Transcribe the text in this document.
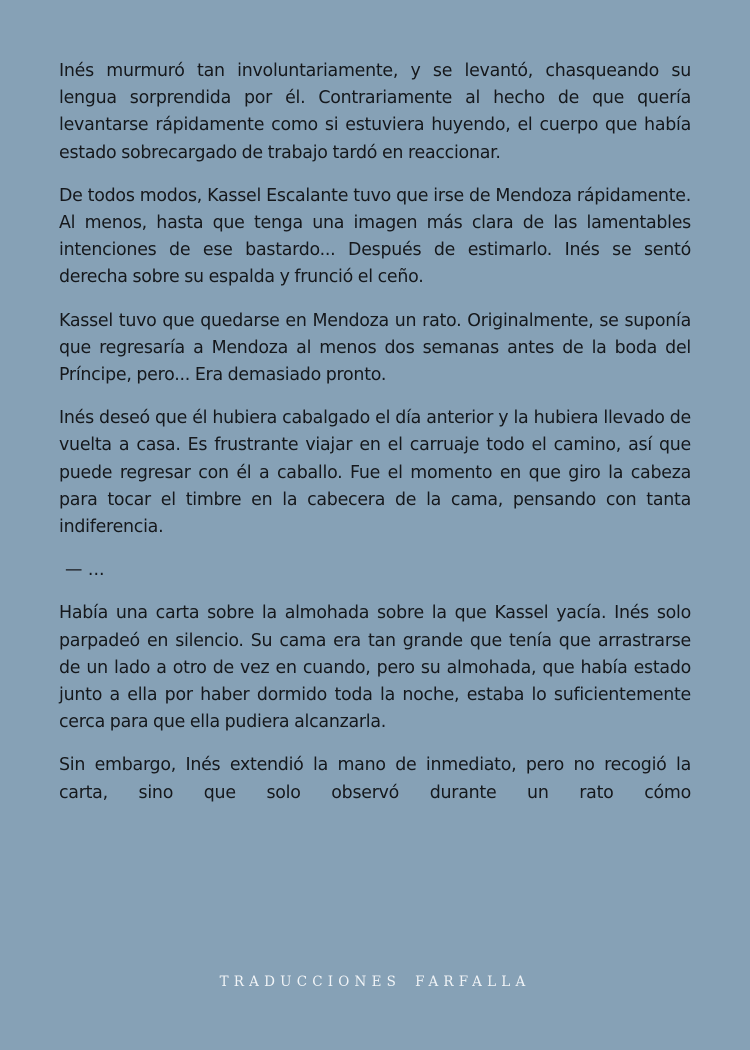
Inés murmuró tan involuntariamente, y se levantó, chasqueando su lengua sorprendida por él. Contrariamente al hecho de que quería levantarse rápidamente como si estuviera huyendo, el cuerpo que había estado sobrecargado de trabajo tardó en reaccionar.

De todos modos, Kassel Escalante tuvo que irse de Mendoza rápidamente. Al menos, hasta que tenga una imagen más clara de las lamentables intenciones de ese bastardo... Después de estimarlo. Inés se sentó derecha sobre su espalda y frunció el ceño.

Kassel tuvo que quedarse en Mendoza un rato. Originalmente, se suponía que regresaría a Mendoza al menos dos semanas antes de la boda del Príncipe, pero... Era demasiado pronto.

Inés deseó que él hubiera cabalgado el día anterior y la hubiera llevado de vuelta a casa. Es frustrante viajar en el carruaje todo el camino, así que puede regresar con él a caballo. Fue el momento en que giro la cabeza para tocar el timbre en la cabecera de la cama, pensando con tanta indiferencia.

— ...

Había una carta sobre la almohada sobre la que Kassel yacía. Inés solo parpadeó en silencio. Su cama era tan grande que tenía que arrastrarse de un lado a otro de vez en cuando, pero su almohada, que había estado junto a ella por haber dormido toda la noche, estaba lo suficientemente cerca para que ella pudiera alcanzarla.

Sin embargo, Inés extendió la mano de inmediato, pero no recogió la carta, sino que solo observó durante un rato cómo

TRADUCCIONES FARFALLA
